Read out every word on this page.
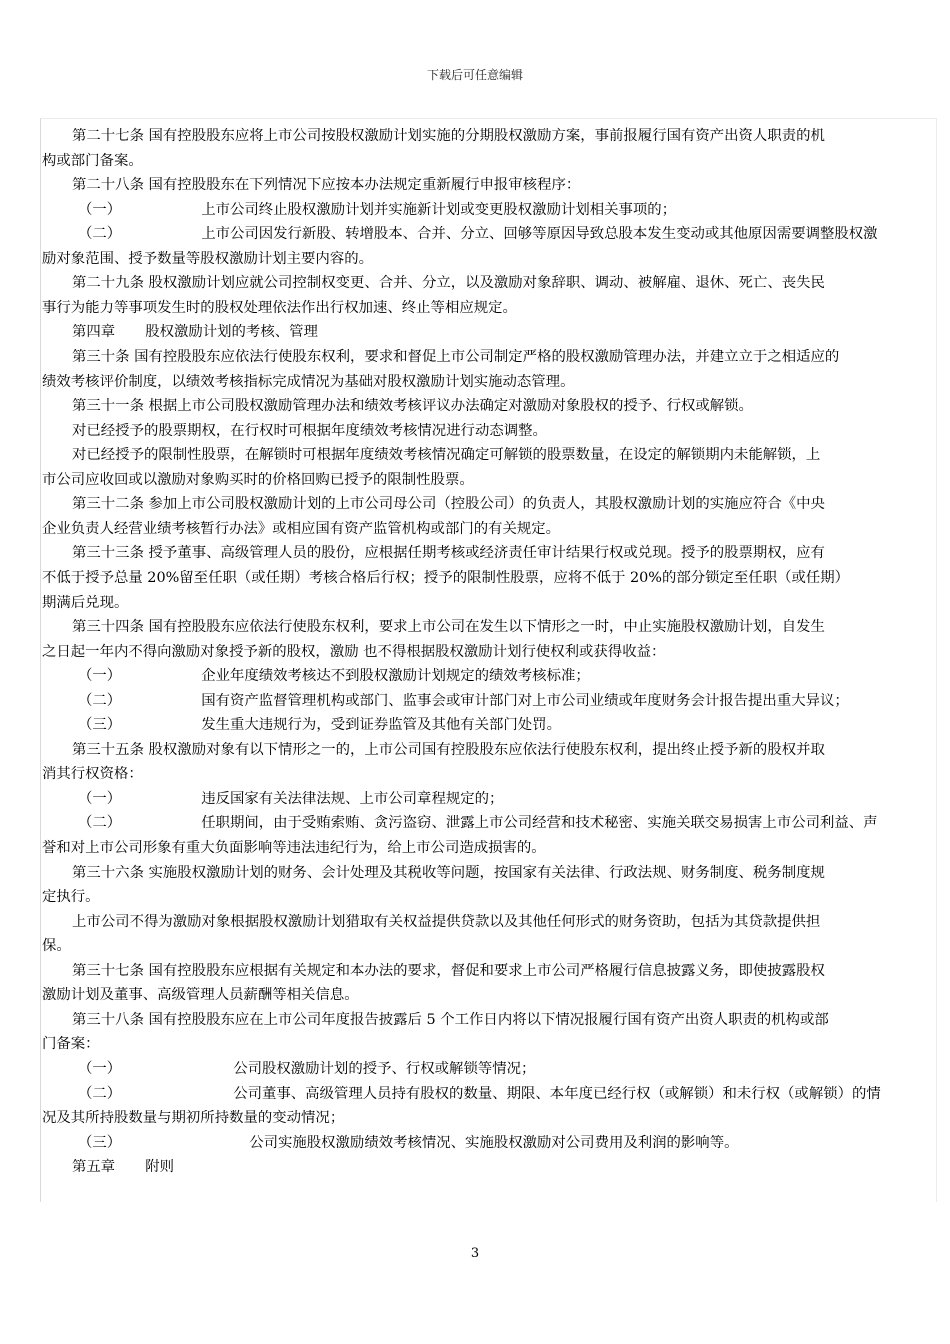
下载后可任意编辑
第二十七条 国有控股股东应将上市公司按股权激励计划实施的分期股权激励方案，事前报履行国有资产出资人职责的机
构或部门备案。
第二十八条 国有控股股东在下列情况下应按本办法规定重新履行申报审核程序：
（一）	上市公司终止股权激励计划并实施新计划或变更股权激励计划相关事项的；
（二）	上市公司因发行新股、转增股本、合并、分立、回够等原因导致总股本发生变动或其他原因需要调整股权激
励对象范围、授予数量等股权激励计划主要内容的。
第二十九条 股权激励计划应就公司控制权变更、合并、分立，以及激励对象辞职、调动、被解雇、退休、死亡、丧失民
事行为能力等事项发生时的股权处理依法作出行权加速、终止等相应规定。
第四章 股权激励计划的考核、管理
第三十条 国有控股股东应依法行使股东权利，要求和督促上市公司制定严格的股权激励管理办法，并建立立于之相适应的
绩效考核评价制度，以绩效考核指标完成情况为基础对股权激励计划实施动态管理。
第三十一条 根据上市公司股权激励管理办法和绩效考核评议办法确定对激励对象股权的授予、行权或解锁。
对已经授予的股票期权，在行权时可根据年度绩效考核情况进行动态调整。
对已经授予的限制性股票，在解锁时可根据年度绩效考核情况确定可解锁的股票数量，在设定的解锁期内未能解锁，上
市公司应收回或以激励对象购买时的价格回购已授予的限制性股票。
第三十二条 参加上市公司股权激励计划的上市公司母公司（控股公司）的负责人，其股权激励计划的实施应符合《中央
企业负责人经营业绩考核暂行办法》或相应国有资产监管机构或部门的有关规定。
第三十三条 授予董事、高级管理人员的股份，应根据任期考核或经济责任审计结果行权或兑现。授予的股票期权，应有
不低于授予总量 20%留至任职（或任期）考核合格后行权；授予的限制性股票，应将不低于 20%的部分锁定至任职（或任期）
期满后兑现。
第三十四条 国有控股股东应依法行使股东权利，要求上市公司在发生以下情形之一时，中止实施股权激励计划，自发生
之日起一年内不得向激励对象授予新的股权，激励 也不得根据股权激励计划行使权利或获得收益：
（一）	企业年度绩效考核达不到股权激励计划规定的绩效考核标准；
（二）	国有资产监督管理机构或部门、监事会或审计部门对上市公司业绩或年度财务会计报告提出重大异议；
（三）	发生重大违规行为，受到证券监管及其他有关部门处罚。
第三十五条 股权激励对象有以下情形之一的，上市公司国有控股股东应依法行使股东权利，提出终止授予新的股权并取
消其行权资格：
（一）	违反国家有关法律法规、上市公司章程规定的；
（二）	任职期间，由于受贿索贿、贪污盗窃、泄露上市公司经营和技术秘密、实施关联交易损害上市公司利益、声
誉和对上市公司形象有重大负面影响等违法违纪行为，给上市公司造成损害的。
第三十六条 实施股权激励计划的财务、会计处理及其税收等问题，按国家有关法律、行政法规、财务制度、税务制度规
定执行。
上市公司不得为激励对象根据股权激励计划猎取有关权益提供贷款以及其他任何形式的财务资助，包括为其贷款提供担
保。
第三十七条 国有控股股东应根据有关规定和本办法的要求，督促和要求上市公司严格履行信息披露义务，即使披露股权
激励计划及董事、高级管理人员薪酬等相关信息。
第三十八条 国有控股股东应在上市公司年度报告披露后 5 个工作日内将以下情况报履行国有资产出资人职责的机构或部
门备案：
（一）	公司股权激励计划的授予、行权或解锁等情况；
（二）	公司董事、高级管理人员持有股权的数量、期限、本年度已经行权（或解锁）和未行权（或解锁）的情
况及其所持股数量与期初所持数量的变动情况；
（三）	公司实施股权激励绩效考核情况、实施股权激励对公司费用及利润的影响等。
第五章 附则
3
